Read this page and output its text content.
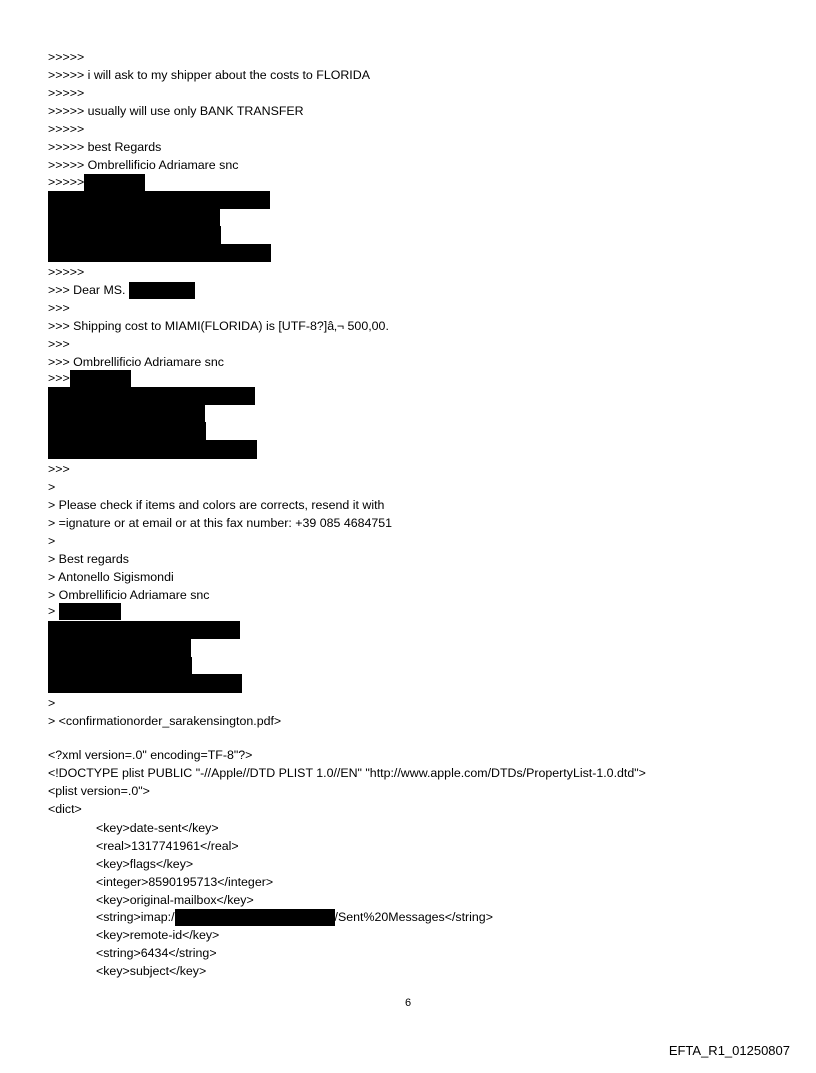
>>>>>
>>>>> i will ask to my shipper about the costs to FLORIDA
>>>>>
>>>>> usually will use only BANK TRANSFER
>>>>>
>>>>> best Regards
>>>>> Ombrellificio Adriamare snc
>>>>>
>>>>>
>>> Dear MS.
>>>
>>> Shipping cost to MIAMI(FLORIDA) is [UTF-8?]â‚¬ 500,00.
>>>
>>> Ombrellificio Adriamare snc
>>>
>>>
>
> Please check if items and colors are corrects, resend it with
> =ignature or at email or at this fax number: +39 085 4684751
>
> Best regards
> Antonello Sigismondi
> Ombrellificio Adriamare snc
>
>
> <confirmationorder_sarakensington.pdf>
<?xml version=.0" encoding=TF-8"?>
<!DOCTYPE plist PUBLIC "-//Apple//DTD PLIST 1.0//EN" "http://www.apple.com/DTDs/PropertyList-1.0.dtd">
<plist version=.0">
<dict>
<key>date-sent</key>
<real>1317741961</real>
<key>flags</key>
<integer>8590195713</integer>
<key>original-mailbox</key>
<string>imap:/	/Sent%20Messages</string>
<key>remote-id</key>
<string>6434</string>
<key>subject</key>
6
EFTA_R1_01250807
